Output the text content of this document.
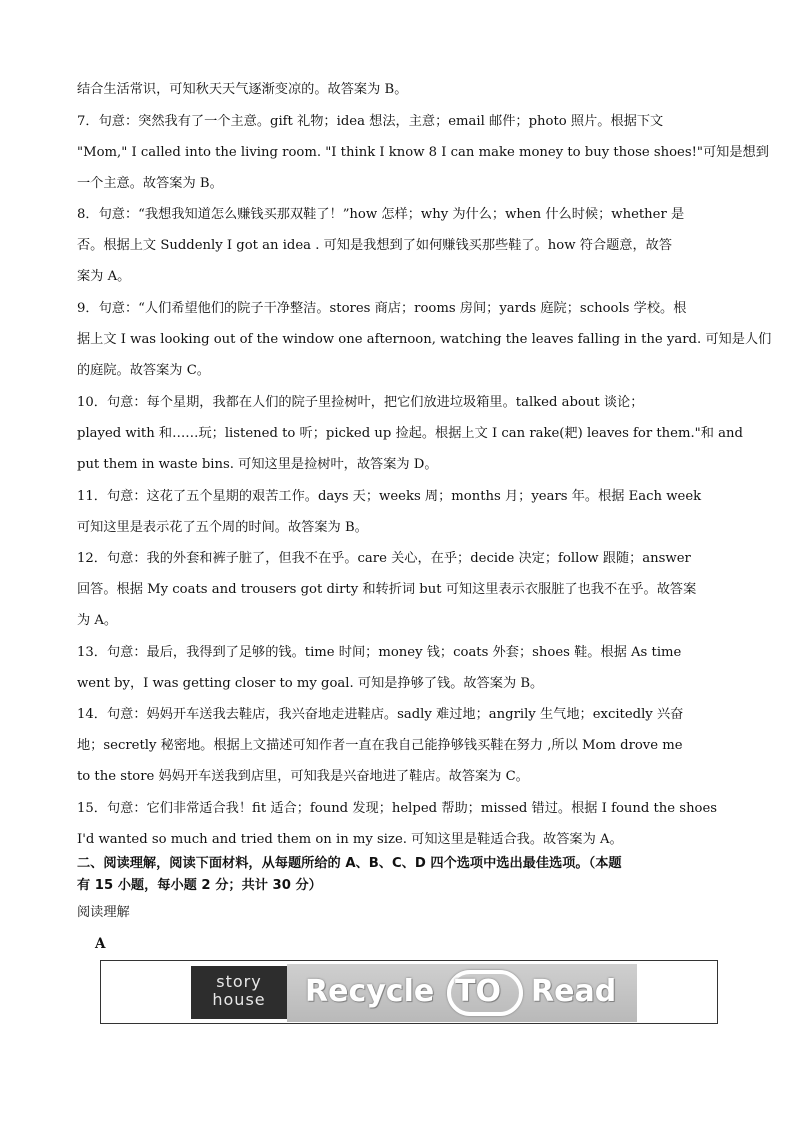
结合生活常识，可知秋天天气逐渐变凉的。故答案为 B。
7．句意：突然我有了一个主意。gift 礼物；idea 想法，主意；email 邮件；photo 照片。根据下文
"Mom," I called into the living room. "I think I know 8 I can make money to buy those shoes!"可知是想到
一个主意。故答案为 B。
8．句意：“我想我知道怎么赚钱买那双鞋了！”how 怎样；why 为什么；when 什么时候；whether 是
否。根据上文 Suddenly I got an idea . 可知是我想到了如何赚钱买那些鞋了。how 符合题意，故答
案为 A。
9．句意：“人们希望他们的院子干净整洁。stores 商店；rooms 房间；yards 庭院；schools 学校。根
据上文 I was looking out of the window one afternoon, watching the leaves falling in the yard. 可知是人们
的庭院。故答案为 C。
10．句意：每个星期，我都在人们的院子里捡树叶，把它们放进垃圾箱里。talked about 谈论；
played with 和……玩；listened to 听；picked up 捡起。根据上文 I can rake(耙) leaves for them."和 and
put them in waste bins. 可知这里是捡树叶，故答案为 D。
11．句意：这花了五个星期的艰苦工作。days 天；weeks 周；months 月；years 年。根据 Each week
可知这里是表示花了五个周的时间。故答案为 B。
12．句意：我的外套和裤子脏了，但我不在乎。care 关心，在乎；decide 决定；follow 跟随；answer
回答。根据 My coats and trousers got dirty 和转折词 but 可知这里表示衣服脏了也我不在乎。故答案
为 A。
13．句意：最后，我得到了足够的钱。time 时间；money 钱；coats 外套；shoes 鞋。根据 As time
went by，I was getting closer to my goal. 可知是挣够了钱。故答案为 B。
14．句意：妈妈开车送我去鞋店，我兴奋地走进鞋店。sadly 难过地；angrily 生气地；excitedly 兴奋
地；secretly 秘密地。根据上文描述可知作者一直在我自己能挣够钱买鞋在努力 ,所以 Mom drove me
to the store 妈妈开车送我到店里，可知我是兴奋地进了鞋店。故答案为 C。
15．句意：它们非常适合我！fit 适合；found 发现；helped 帮助；missed 错过。根据 I found the shoes
I'd wanted so much and tried them on in my size. 可知这里是鞋适合我。故答案为 A。
二、阅读理解，阅读下面材料，从每题所给的 A、B、C、D 四个选项中选出最佳选项。（本题
有 15 小题，每小题 2 分；共计 30 分）
阅读理解
A
story
house	Recycle TO Read
